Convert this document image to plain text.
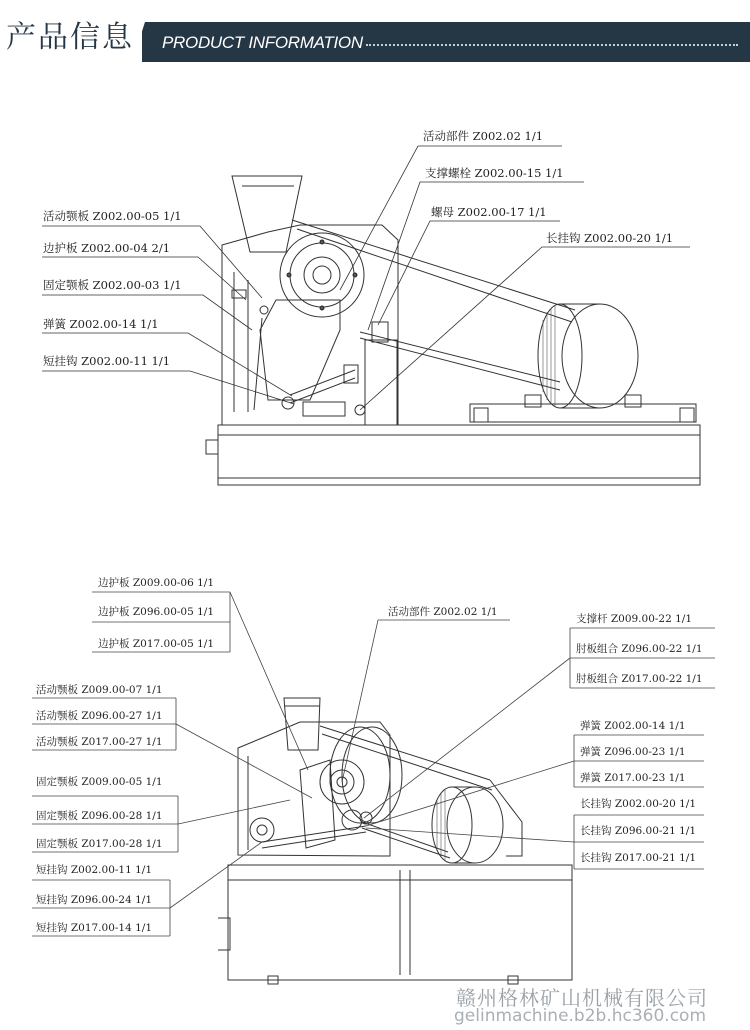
产品信息 PRODUCT INFORMATION
活动颚板 Z002.00-05 1/1
边护板 Z002.00-04 2/1
固定颚板 Z002.00-03 1/1
弹簧 Z002.00-14 1/1
短挂钩 Z002.00-11 1/1
活动部件 Z002.02 1/1
支撑螺栓 Z002.00-15 1/1
螺母 Z002.00-17 1/1
长挂钩 Z002.00-20 1/1
边护板 Z009.00-06 1/1
边护板 Z096.00-05 1/1
边护板 Z017.00-05 1/1
活动部件 Z002.02 1/1
支撑杆 Z009.00-22 1/1
肘板组合 Z096.00-22 1/1
肘板组合 Z017.00-22 1/1
活动颚板 Z009.00-07 1/1
活动颚板 Z096.00-27 1/1
活动颚板 Z017.00-27 1/1
弹簧 Z002.00-14 1/1
弹簧 Z096.00-23 1/1
弹簧 Z017.00-23 1/1
固定颚板 Z009.00-05 1/1
固定颚板 Z096.00-28 1/1
固定颚板 Z017.00-28 1/1
长挂钩 Z002.00-20 1/1
长挂钩 Z096.00-21 1/1
长挂钩 Z017.00-21 1/1
短挂钩 Z002.00-11 1/1
短挂钩 Z096.00-24 1/1
短挂钩 Z017.00-14 1/1
赣州格林矿山机械有限公司
gelinmachine.b2b.hc360.com
